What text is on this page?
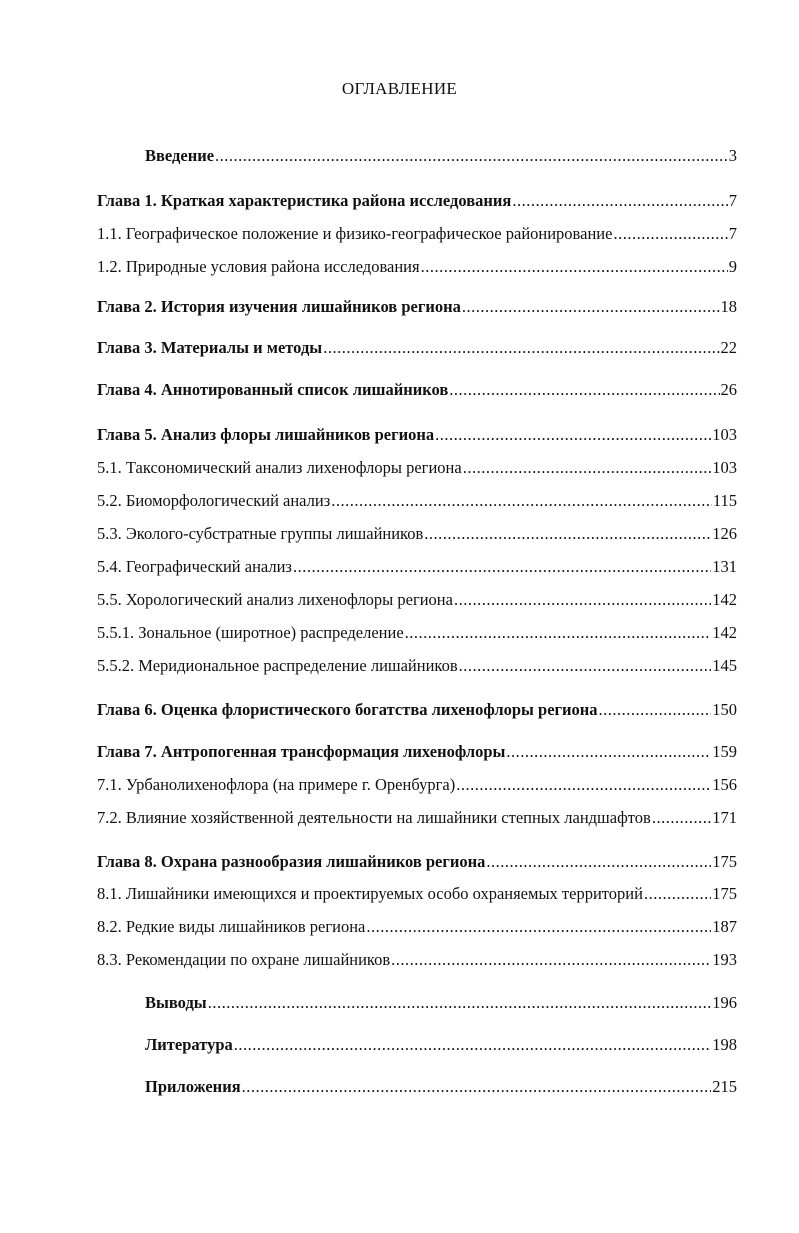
ОГЛАВЛЕНИЕ
Введение .....	3
Глава 1. Краткая характеристика района исследования .....	7
1.1. Географическое положение и физико-географическое районирование .....	7
1.2. Природные условия района исследования .....	9
Глава 2. История изучения лишайников региона .....	18
Глава 3. Материалы и методы .....	22
Глава 4. Аннотированный список лишайников .....	26
Глава 5. Анализ флоры лишайников региона .....	103
5.1. Таксономический анализ лихенофлоры региона .....	103
5.2. Биоморфологический анализ .....	115
5.3. Эколого-субстратные группы лишайников .....	126
5.4. Географический анализ .....	131
5.5. Хорологический анализ лихенофлоры региона .....	142
5.5.1. Зональное (широтное) распределение .....	142
5.5.2. Меридиональное распределение лишайников .....	145
Глава 6. Оценка флористического богатства лихенофлоры региона .....	150
Глава 7. Антропогенная трансформация лихенофлоры .....	159
7.1. Урбанолихенофлора (на примере г. Оренбурга) .....	156
7.2. Влияние хозяйственной деятельности на лишайники степных ландшафтов .....	171
Глава 8. Охрана разнообразия лишайников региона .....	175
8.1. Лишайники имеющихся и проектируемых особо охраняемых территорий .....	175
8.2. Редкие виды лишайников региона .....	187
8.3. Рекомендации по охране лишайников .....	193
Выводы .....	196
Литература .....	198
Приложения .....	215
